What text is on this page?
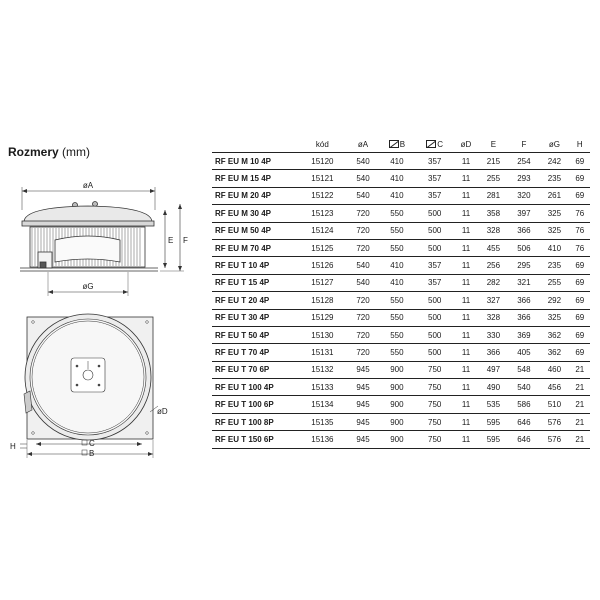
Rozmery (mm)
øA
E F
øG
øD
H	C
B
	kód	øA	B	C	øD	E	F	øG	H
RF EU M 10 4P	15120	540	410	357	11	215	254	242	69
RF EU M 15 4P	15121	540	410	357	11	255	293	235	69
RF EU M 20 4P	15122	540	410	357	11	281	320	261	69
RF EU M 30 4P	15123	720	550	500	11	358	397	325	76
RF EU M 50 4P	15124	720	550	500	11	328	366	325	76
RF EU M 70 4P	15125	720	550	500	11	455	506	410	76
RF EU T 10 4P	15126	540	410	357	11	256	295	235	69
RF EU T 15 4P	15127	540	410	357	11	282	321	255	69
RF EU T 20 4P	15128	720	550	500	11	327	366	292	69
RF EU T 30 4P	15129	720	550	500	11	328	366	325	69
RF EU T 50 4P	15130	720	550	500	11	330	369	362	69
RF EU T 70 4P	15131	720	550	500	11	366	405	362	69
RF EU T 70 6P	15132	945	900	750	11	497	548	460	21
RF EU T 100 4P	15133	945	900	750	11	490	540	456	21
RF EU T 100 6P	15134	945	900	750	11	535	586	510	21
RF EU T 100 8P	15135	945	900	750	11	595	646	576	21
RF EU T 150 6P	15136	945	900	750	11	595	646	576	21
